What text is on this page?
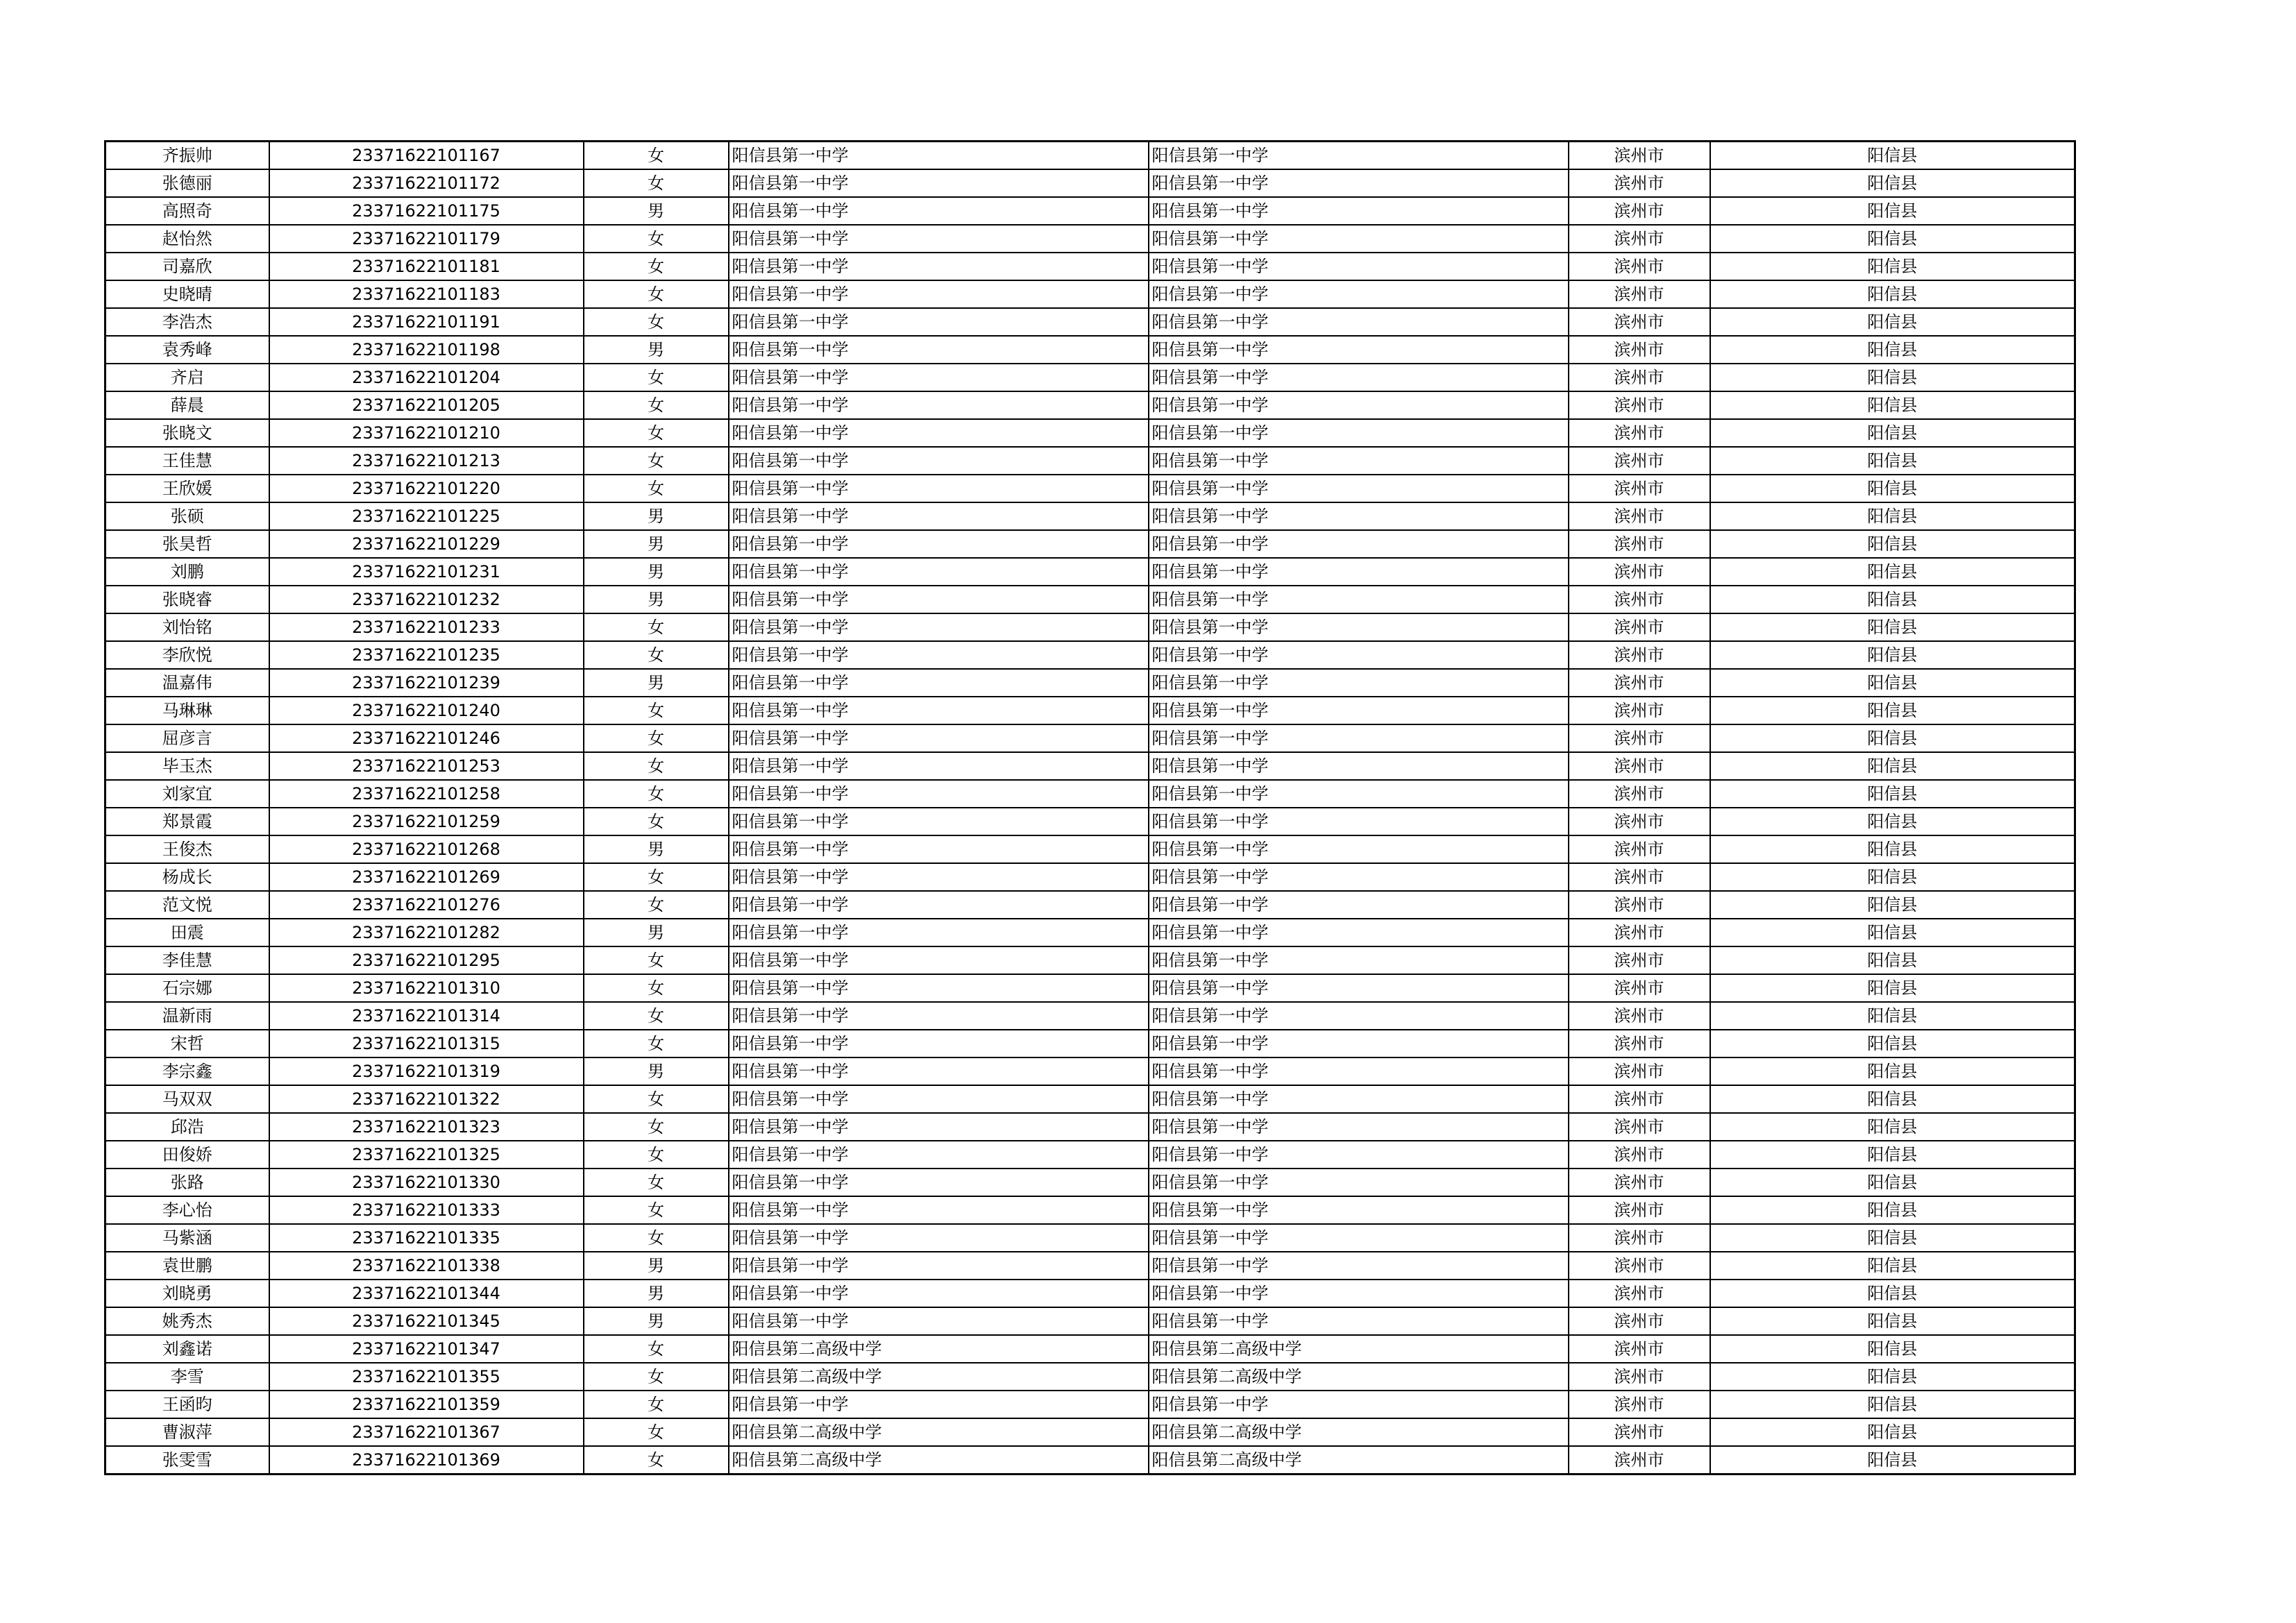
齐振帅	23371622101167	女	阳信县第一中学	阳信县第一中学	滨州市	阳信县
张德丽	23371622101172	女	阳信县第一中学	阳信县第一中学	滨州市	阳信县
高照奇	23371622101175	男	阳信县第一中学	阳信县第一中学	滨州市	阳信县
赵怡然	23371622101179	女	阳信县第一中学	阳信县第一中学	滨州市	阳信县
司嘉欣	23371622101181	女	阳信县第一中学	阳信县第一中学	滨州市	阳信县
史晓晴	23371622101183	女	阳信县第一中学	阳信县第一中学	滨州市	阳信县
李浩杰	23371622101191	女	阳信县第一中学	阳信县第一中学	滨州市	阳信县
袁秀峰	23371622101198	男	阳信县第一中学	阳信县第一中学	滨州市	阳信县
齐启	23371622101204	女	阳信县第一中学	阳信县第一中学	滨州市	阳信县
薛晨	23371622101205	女	阳信县第一中学	阳信县第一中学	滨州市	阳信县
张晓文	23371622101210	女	阳信县第一中学	阳信县第一中学	滨州市	阳信县
王佳慧	23371622101213	女	阳信县第一中学	阳信县第一中学	滨州市	阳信县
王欣媛	23371622101220	女	阳信县第一中学	阳信县第一中学	滨州市	阳信县
张硕	23371622101225	男	阳信县第一中学	阳信县第一中学	滨州市	阳信县
张昊哲	23371622101229	男	阳信县第一中学	阳信县第一中学	滨州市	阳信县
刘鹏	23371622101231	男	阳信县第一中学	阳信县第一中学	滨州市	阳信县
张晓睿	23371622101232	男	阳信县第一中学	阳信县第一中学	滨州市	阳信县
刘怡铭	23371622101233	女	阳信县第一中学	阳信县第一中学	滨州市	阳信县
李欣悦	23371622101235	女	阳信县第一中学	阳信县第一中学	滨州市	阳信县
温嘉伟	23371622101239	男	阳信县第一中学	阳信县第一中学	滨州市	阳信县
马琳琳	23371622101240	女	阳信县第一中学	阳信县第一中学	滨州市	阳信县
屈彦言	23371622101246	女	阳信县第一中学	阳信县第一中学	滨州市	阳信县
毕玉杰	23371622101253	女	阳信县第一中学	阳信县第一中学	滨州市	阳信县
刘家宜	23371622101258	女	阳信县第一中学	阳信县第一中学	滨州市	阳信县
郑景霞	23371622101259	女	阳信县第一中学	阳信县第一中学	滨州市	阳信县
王俊杰	23371622101268	男	阳信县第一中学	阳信县第一中学	滨州市	阳信县
杨成长	23371622101269	女	阳信县第一中学	阳信县第一中学	滨州市	阳信县
范文悦	23371622101276	女	阳信县第一中学	阳信县第一中学	滨州市	阳信县
田震	23371622101282	男	阳信县第一中学	阳信县第一中学	滨州市	阳信县
李佳慧	23371622101295	女	阳信县第一中学	阳信县第一中学	滨州市	阳信县
石宗娜	23371622101310	女	阳信县第一中学	阳信县第一中学	滨州市	阳信县
温新雨	23371622101314	女	阳信县第一中学	阳信县第一中学	滨州市	阳信县
宋哲	23371622101315	女	阳信县第一中学	阳信县第一中学	滨州市	阳信县
李宗鑫	23371622101319	男	阳信县第一中学	阳信县第一中学	滨州市	阳信县
马双双	23371622101322	女	阳信县第一中学	阳信县第一中学	滨州市	阳信县
邱浩	23371622101323	女	阳信县第一中学	阳信县第一中学	滨州市	阳信县
田俊娇	23371622101325	女	阳信县第一中学	阳信县第一中学	滨州市	阳信县
张路	23371622101330	女	阳信县第一中学	阳信县第一中学	滨州市	阳信县
李心怡	23371622101333	女	阳信县第一中学	阳信县第一中学	滨州市	阳信县
马紫涵	23371622101335	女	阳信县第一中学	阳信县第一中学	滨州市	阳信县
袁世鹏	23371622101338	男	阳信县第一中学	阳信县第一中学	滨州市	阳信县
刘晓勇	23371622101344	男	阳信县第一中学	阳信县第一中学	滨州市	阳信县
姚秀杰	23371622101345	男	阳信县第一中学	阳信县第一中学	滨州市	阳信县
刘鑫诺	23371622101347	女	阳信县第二高级中学	阳信县第二高级中学	滨州市	阳信县
李雪	23371622101355	女	阳信县第二高级中学	阳信县第二高级中学	滨州市	阳信县
王函昀	23371622101359	女	阳信县第一中学	阳信县第一中学	滨州市	阳信县
曹淑萍	23371622101367	女	阳信县第二高级中学	阳信县第二高级中学	滨州市	阳信县
张雯雪	23371622101369	女	阳信县第二高级中学	阳信县第二高级中学	滨州市	阳信县
